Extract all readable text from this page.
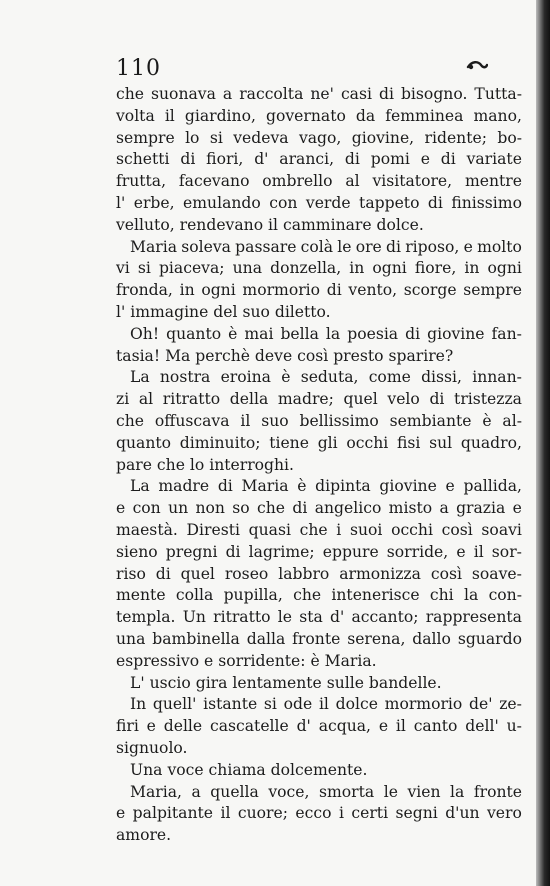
110
che suonava a raccolta ne' casi di bisogno. Tutta-
volta il giardino, governato da femminea mano,
sempre lo si vedeva vago, giovine, ridente; bo-
schetti di fiori, d' aranci, di pomi e di variate
frutta, facevano ombrello al visitatore, mentre
l' erbe, emulando con verde tappeto di finissimo
velluto, rendevano il camminare dolce.
Maria soleva passare colà le ore di riposo, e molto
vi si piaceva; una donzella, in ogni fiore, in ogni
fronda, in ogni mormorio di vento, scorge sempre
l' immagine del suo diletto.
Oh! quanto è mai bella la poesia di giovine fan-
tasia! Ma perchè deve così presto sparire?
La nostra eroina è seduta, come dissi, innan-
zi al ritratto della madre; quel velo di tristezza
che offuscava il suo bellissimo sembiante è al-
quanto diminuito; tiene gli occhi fisi sul quadro,
pare che lo interroghi.
La madre di Maria è dipinta giovine e pallida,
e con un non so che di angelico misto a grazia e
maestà. Diresti quasi che i suoi occhi così soavi
sieno pregni di lagrime; eppure sorride, e il sor-
riso di quel roseo labbro armonizza così soave-
mente colla pupilla, che intenerisce chi la con-
templa. Un ritratto le sta d' accanto; rappresenta
una bambinella dalla fronte serena, dallo sguardo
espressivo e sorridente: è Maria.
L' uscio gira lentamente sulle bandelle.
In quell' istante si ode il dolce mormorio de' ze-
firi e delle cascatelle d' acqua, e il canto dell' u-
signuolo.
Una voce chiama dolcemente.
Maria, a quella voce, smorta le vien la fronte
e palpitante il cuore; ecco i certi segni d'un vero
amore.
